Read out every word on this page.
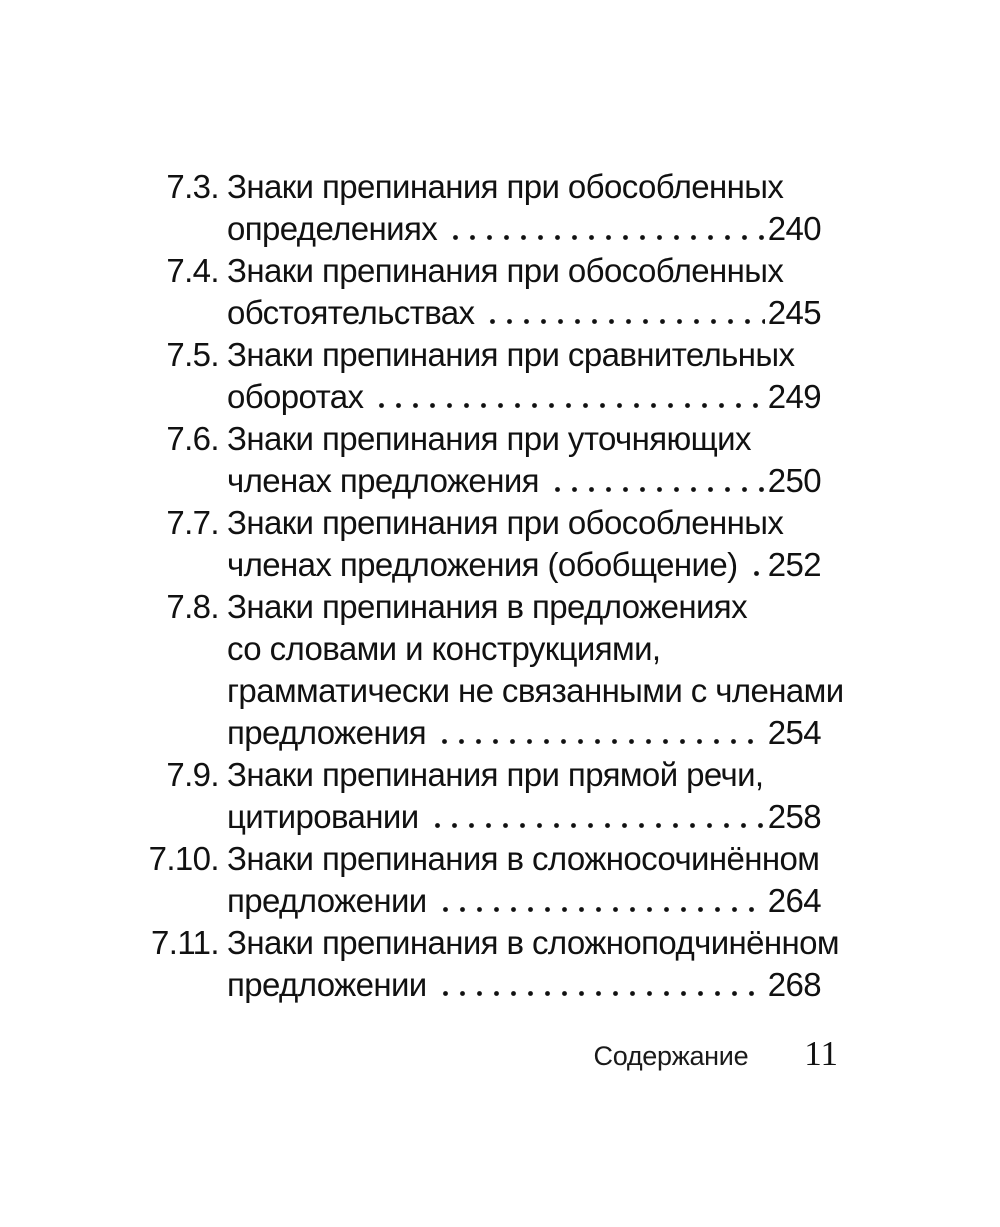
7.3. Знаки препинания при обособленных
определениях	240
7.4. Знаки препинания при обособленных
обстоятельствах	245
7.5. Знаки препинания при сравнительных
оборотах	249
7.6. Знаки препинания при уточняющих
членах предложения	250
7.7. Знаки препинания при обособленных
членах предложения (обобщение) 252
7.8. Знаки препинания в предложениях
со словами и конструкциями,
грамматически не связанными с членами
предложения	254
7.9. Знаки препинания при прямой речи,
цитировании	258
7.10. Знаки препинания в сложносочинённом
предложении	264
7.11. Знаки препинания в сложноподчинённом
предложении	268
Содержание 11
